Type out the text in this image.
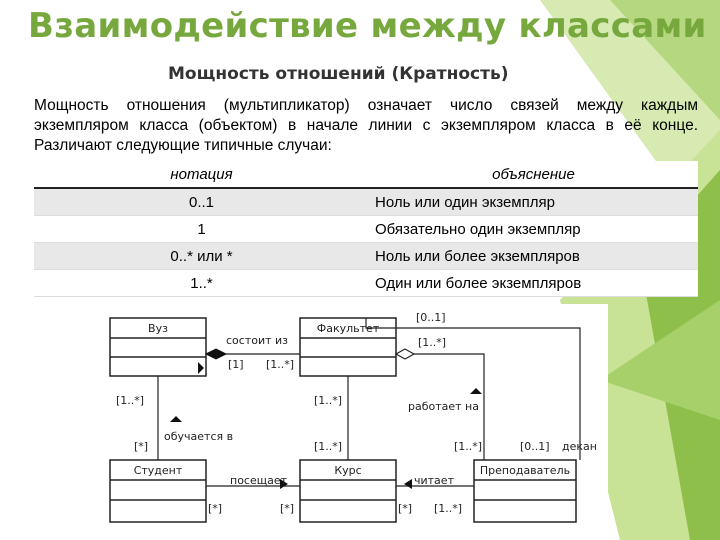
Взаимодействие между классами
Мощность отношений (Кратность)
Мощность отношения (мультипликатор) означает число связей между каждым экземпляром класса (объектом) в начале линии с экземпляром класса в её конце. Различают следующие типичные случаи:
нотация	объяснение
0..1	Ноль или один экземпляр
1	Обязательно один экземпляр
0..* или *	Ноль или более экземпляров
1..*	Один или более экземпляров
Вуз	Факультет
Студент	Курс	Преподаватель
состоит из
работает на
обучается в
посещает	читает
декан
[0..1]
[1..*]
[1] [1..*]
[1..*]	[1..*]
[*]	[1..*]	[1..*]	[0..1]
[*]	[*]	[*] [1..*]
